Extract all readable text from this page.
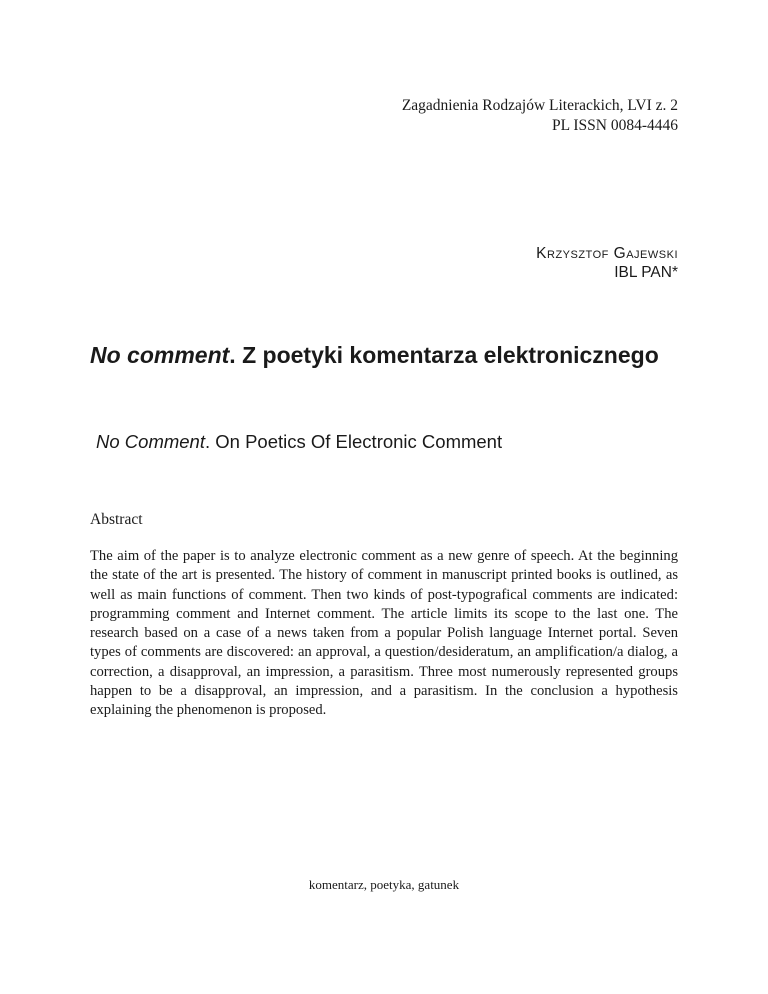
Zagadnienia Rodzajów Literackich, LVI z. 2
PL ISSN 0084-4446
Krzysztof Gajewski
IBL PAN*
No comment. Z poetyki komentarza elektronicznego
No Comment. On Poetics Of Electronic Comment
Abstract

The aim of the paper is to analyze electronic comment as a new genre of speech. At the beginning the state of the art is presented. The history of comment in manuscript printed books is outlined, as well as main functions of comment. Then two kinds of post-typografical comments are indicated: programming comment and Internet comment. The article limits its scope to the last one. The research based on a case of a news taken from a popular Polish language Internet portal. Seven types of comments are discovered: an approval, a question/desideratum, an amplification/a dialog, a correction, a disapproval, an impression, a parasitism. Three most numerously represented groups happen to be a disapproval, an impression, and a parasitism. In the conclusion a hypothesis explaining the phenomenon is proposed.

komentarz, poetyka, gatunek
